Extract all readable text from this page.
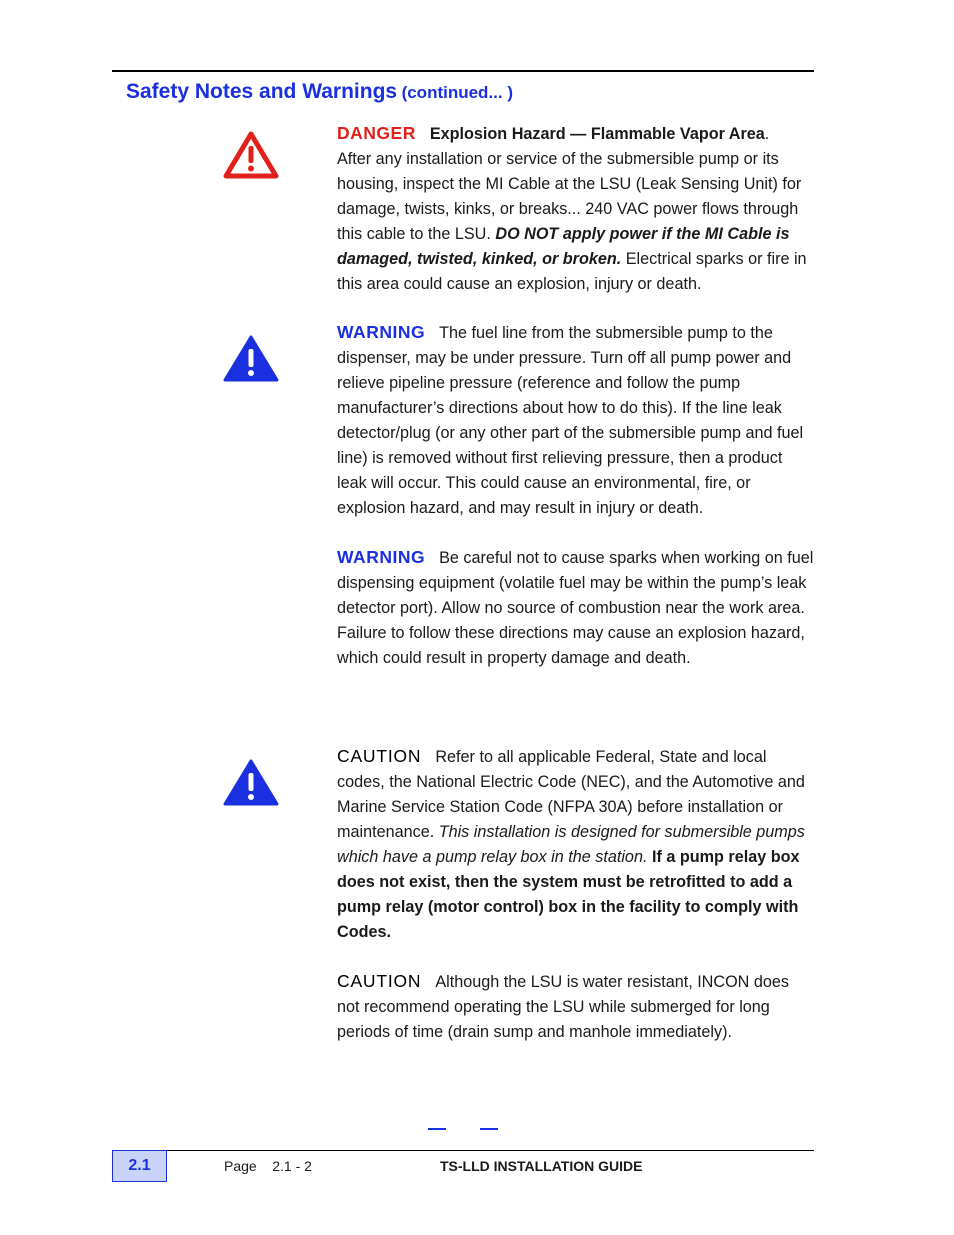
Safety Notes and Warnings (continued... )
DANGER Explosion Hazard — Flammable Vapor Area.
After any installation or service of the submersible pump or its housing, inspect the MI Cable at the LSU (Leak Sensing Unit) for damage, twists, kinks, or breaks... 240 VAC power flows through this cable to the LSU. DO NOT apply power if the MI Cable is damaged, twisted, kinked, or broken. Electrical sparks or fire in this area could cause an explosion, injury or death.
WARNING The fuel line from the submersible pump to the dispenser, may be under pressure. Turn off all pump power and relieve pipeline pressure (reference and follow the pump manufacturer’s directions about how to do this). If the line leak detector/plug (or any other part of the submersible pump and fuel line) is removed without first relieving pressure, then a product leak will occur. This could cause an environmental, fire, or explosion hazard, and may result in injury or death.
WARNING Be careful not to cause sparks when working on fuel dispensing equipment (volatile fuel may be within the pump’s leak detector port). Allow no source of combustion near the work area. Failure to follow these directions may cause an explosion hazard, which could result in property damage and death.
CAUTION Refer to all applicable Federal, State and local codes, the National Electric Code (NEC), and the Automotive and Marine Service Station Code (NFPA 30A) before installation or maintenance. This installation is designed for submersible pumps which have a pump relay box in the station. If a pump relay box does not exist, then the system must be retrofitted to add a pump relay (motor control) box in the facility to comply with Codes.
CAUTION Although the LSU is water resistant, INCON does not recommend operating the LSU while submerged for long periods of time (drain sump and manhole immediately).
2.1	Page    2.1 - 2	TS-LLD INSTALLATION GUIDE
